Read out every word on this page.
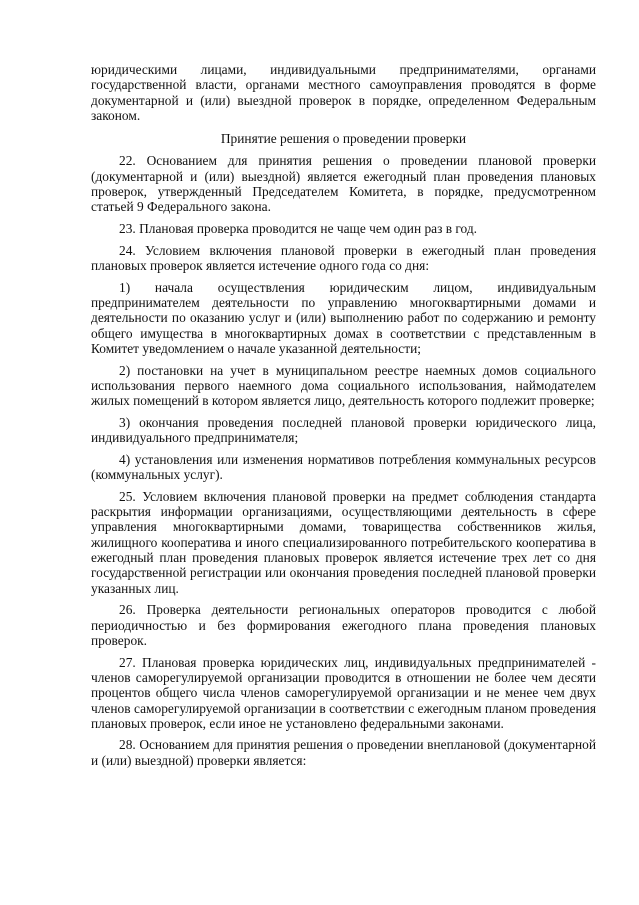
юридическими лицами, индивидуальными предпринимателями, органами государственной власти, органами местного самоуправления проводятся в форме документарной и (или) выездной проверок в порядке, определенном Федеральным законом.

Принятие решения о проведении проверки

22. Основанием для принятия решения о проведении плановой проверки (документарной и (или) выездной) является ежегодный план проведения плановых проверок, утвержденный Председателем Комитета, в порядке, предусмотренном статьей 9 Федерального закона.

23. Плановая проверка проводится не чаще чем один раз в год.

24. Условием включения плановой проверки в ежегодный план проведения плановых проверок является истечение одного года со дня:

1) начала осуществления юридическим лицом, индивидуальным предпринимателем деятельности по управлению многоквартирными домами и деятельности по оказанию услуг и (или) выполнению работ по содержанию и ремонту общего имущества в многоквартирных домах в соответствии с представленным в Комитет уведомлением о начале указанной деятельности;

2) постановки на учет в муниципальном реестре наемных домов социального использования первого наемного дома социального использования, наймодателем жилых помещений в котором является лицо, деятельность которого подлежит проверке;

3) окончания проведения последней плановой проверки юридического лица, индивидуального предпринимателя;

4) установления или изменения нормативов потребления коммунальных ресурсов (коммунальных услуг).

25. Условием включения плановой проверки на предмет соблюдения стандарта раскрытия информации организациями, осуществляющими деятельность в сфере управления многоквартирными домами, товарищества собственников жилья, жилищного кооператива и иного специализированного потребительского кооператива в ежегодный план проведения плановых проверок является истечение трех лет со дня государственной регистрации или окончания проведения последней плановой проверки указанных лиц.

26. Проверка деятельности региональных операторов проводится с любой периодичностью и без формирования ежегодного плана проведения плановых проверок.

27. Плановая проверка юридических лиц, индивидуальных предпринимателей - членов саморегулируемой организации проводится в отношении не более чем десяти процентов общего числа членов саморегулируемой организации и не менее чем двух членов саморегулируемой организации в соответствии с ежегодным планом проведения плановых проверок, если иное не установлено федеральными законами.

28. Основанием для принятия решения о проведении внеплановой (документарной и (или) выездной) проверки является:
